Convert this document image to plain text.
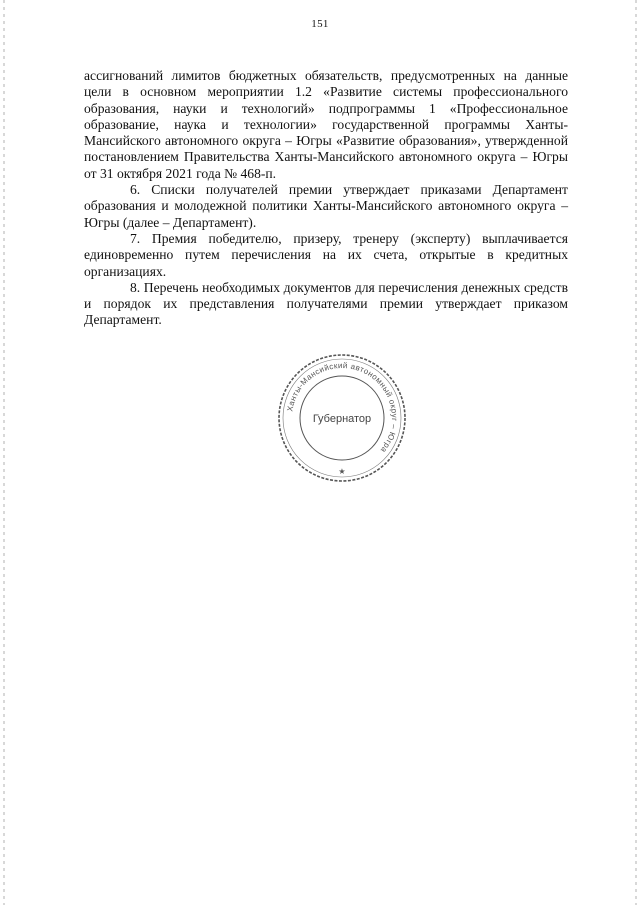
151

ассигнований лимитов бюджетных обязательств, предусмотренных на данные цели в основном мероприятии 1.2 «Развитие системы профессионального образования, науки и технологий» подпрограммы 1 «Профессиональное образование, наука и технологии» государственной программы Ханты-Мансийского автономного округа – Югры «Развитие образования», утвержденной постановлением Правительства Ханты-Мансийского автономного округа – Югры от 31 октября 2021 года № 468-п.

6. Списки получателей премии утверждает приказами Департамент образования и молодежной политики Ханты-Мансийского автономного округа – Югры (далее – Департамент).

7. Премия победителю, призеру, тренеру (эксперту) выплачивается единовременно путем перечисления на их счета, открытые в кредитных организациях.

8. Перечень необходимых документов для перечисления денежных средств и порядок их представления получателями премии утверждает приказом Департамент.

Ханты-Мансийский автономный округ – Югра
Губернатор
★
